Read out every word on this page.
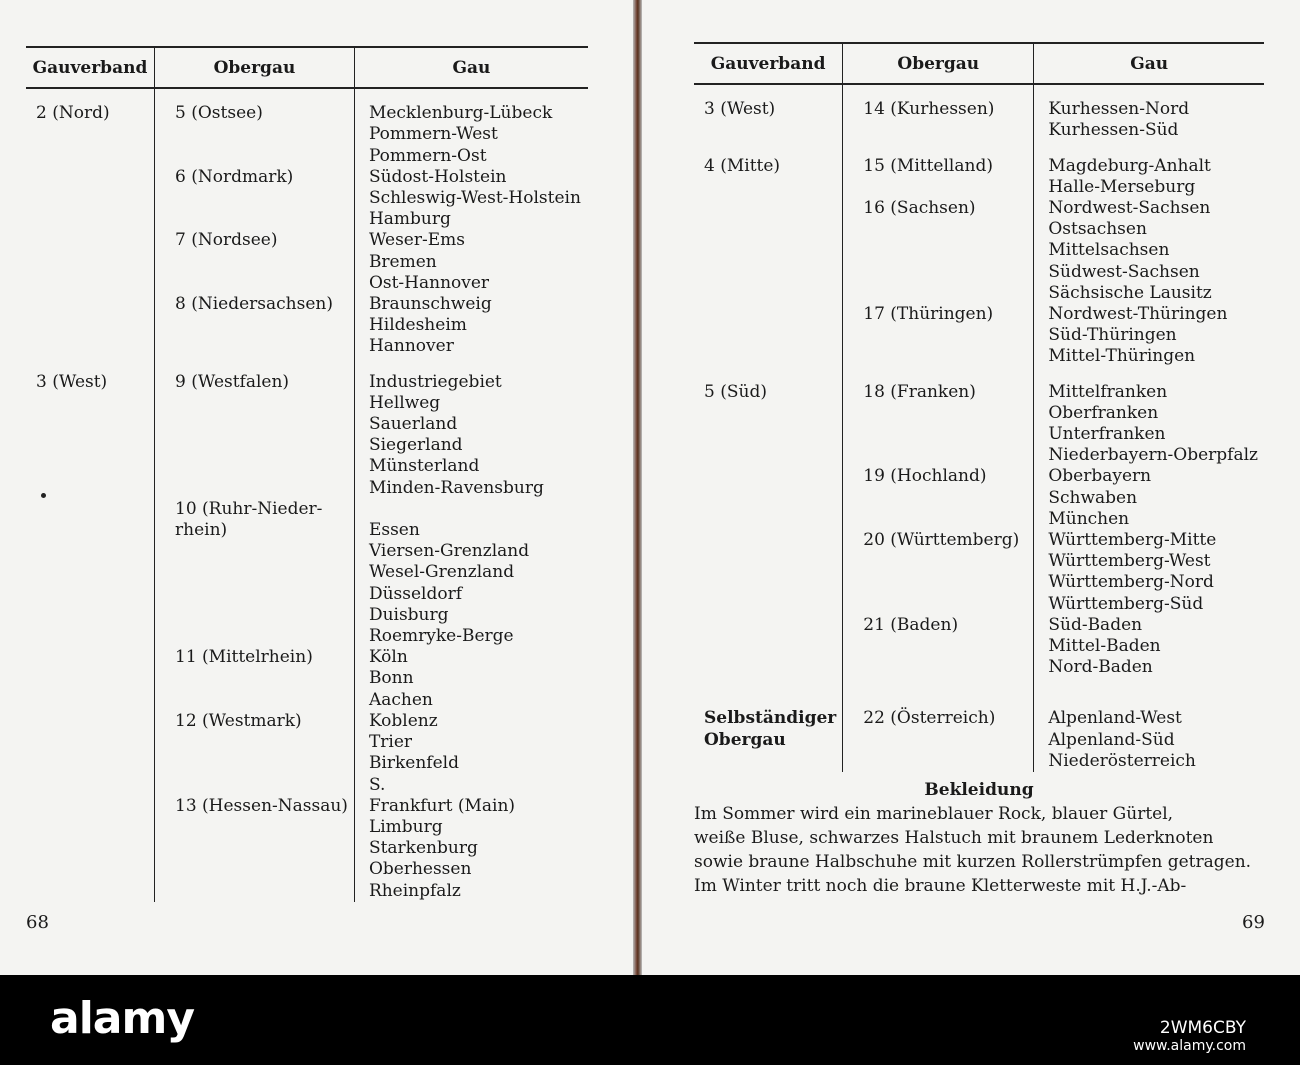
Gauverband	Obergau	Gau

2 (Nord)	5 (Ostsee)	Mecklenburg-Lübeck
		Pommern-West
		Pommern-Ost
	6 (Nordmark)	Südost-Holstein
		Schleswig-West-Holstein
		Hamburg
	7 (Nordsee)	Weser-Ems
		Bremen
		Ost-Hannover
	8 (Niedersachsen)	Braunschweig
		Hildesheim
		Hannover

3 (West)	9 (Westfalen)	Industriegebiet
		Hellweg
		Sauerland
		Siegerland
		Münsterland
		Minden-Ravensburg
	10 (Ruhr-Nieder-	
	rhein)	Essen
		Viersen-Grenzland
		Wesel-Grenzland
		Düsseldorf
		Duisburg
		Roemryke-Berge
	11 (Mittelrhein)	Köln
		Bonn
		Aachen
	12 (Westmark)	Koblenz
		Trier
		Birkenfeld
		S.
	13 (Hessen-Nassau)	Frankfurt (Main)
		Limburg
		Starkenburg
		Oberhessen
		Rheinpfalz
68
Gauverband	Obergau	Gau

3 (West)	14 (Kurhessen)	Kurhessen-Nord
		Kurhessen-Süd

4 (Mitte)	15 (Mittelland)	Magdeburg-Anhalt
		Halle-Merseburg
	16 (Sachsen)	Nordwest-Sachsen
		Ostsachsen
		Mittelsachsen
		Südwest-Sachsen
		Sächsische Lausitz
	17 (Thüringen)	Nordwest-Thüringen
		Süd-Thüringen
		Mittel-Thüringen

5 (Süd)	18 (Franken)	Mittelfranken
		Oberfranken
		Unterfranken
		Niederbayern-Oberpfalz
	19 (Hochland)	Oberbayern
		Schwaben
		München
	20 (Württemberg)	Württemberg-Mitte
		Württemberg-West
		Württemberg-Nord
		Württemberg-Süd
	21 (Baden)	Süd-Baden
		Mittel-Baden
		Nord-Baden

Selbständiger	22 (Österreich)	Alpenland-West
Obergau		Alpenland-Süd
		Niederösterreich
Bekleidung
Im Sommer wird ein marineblauer Rock, blauer Gürtel,
weiße Bluse, schwarzes Halstuch mit braunem Lederknoten
sowie braune Halbschuhe mit kurzen Rollerstrümpfen getragen.
Im Winter tritt noch die braune Kletterweste mit H.J.-Ab-
69
alamy	2WM6CBY
www.alamy.com
